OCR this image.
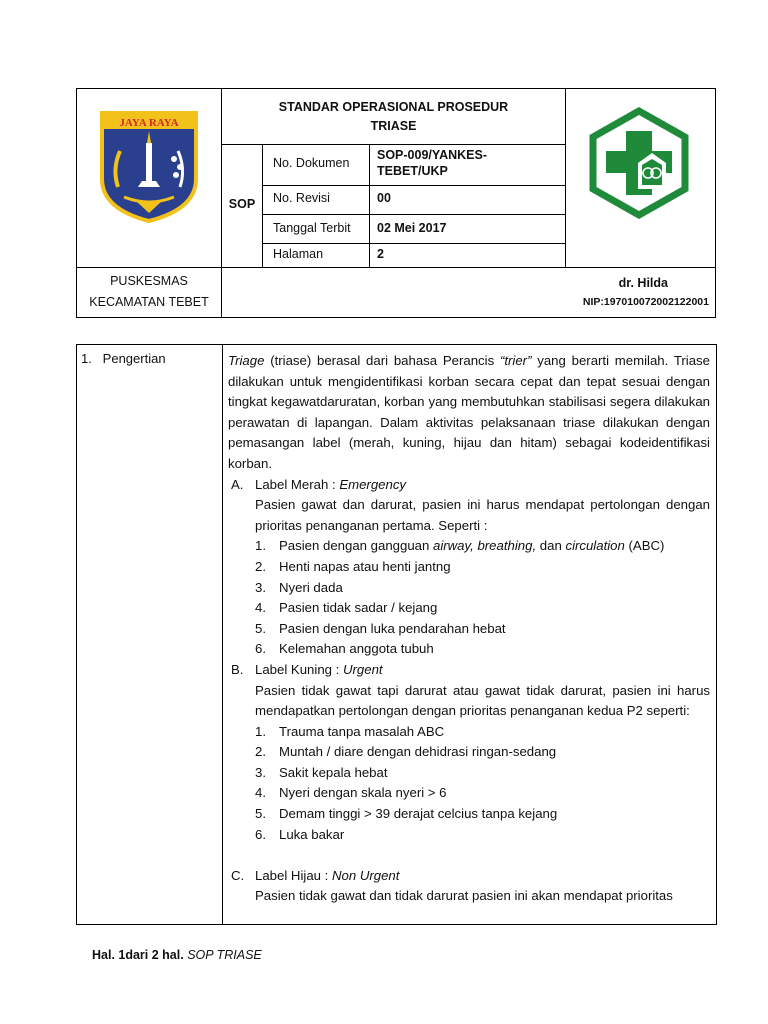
JAYA RAYA
STANDAR OPERASIONAL PROSEDUR
TRIASE
SOP
No. Dokumen
SOP-009/YANKES-TEBET/UKP
No. Revisi	00
Tanggal Terbit 02 Mei 2017
Halaman	2
PUSKESMAS
KECAMATAN TEBET
dr. Hilda
NIP:197010072002122001
1.   Pengertian	Triage (triase) berasal dari bahasa Perancis “trier” yang berarti memilah. Triase dilakukan untuk mengidentifikasi korban secara cepat dan tepat sesuai dengan tingkat kegawatdaruratan, korban yang membutuhkan stabilisasi segera dilakukan perawatan di lapangan. Dalam aktivitas pelaksanaan triase dilakukan dengan pemasangan label (merah, kuning, hijau dan hitam) sebagai kodeidentifikasi korban.

A. Label Merah : Emergency

Pasien gawat dan darurat, pasien ini harus mendapat pertolongan dengan prioritas penanganan pertama. Seperti :

1. Pasien dengan gangguan airway, breathing, dan circulation (ABC)
2. Henti napas atau henti jantng
3. Nyeri dada
4. Pasien tidak sadar / kejang
5. Pasien dengan luka pendarahan hebat
6. Kelemahan anggota tubuh

B. Label Kuning : Urgent

Pasien tidak gawat tapi darurat atau gawat tidak darurat, pasien ini harus mendapatkan pertolongan dengan prioritas penanganan kedua P2 seperti:

1. Trauma tanpa masalah ABC
2. Muntah / diare dengan dehidrasi ringan-sedang
3. Sakit kepala hebat
4. Nyeri dengan skala nyeri > 6
5. Demam tinggi > 39 derajat celcius tanpa kejang
6. Luka bakar

C. Label Hijau : Non Urgent

Pasien tidak gawat dan tidak darurat pasien ini akan mendapat prioritas

Hal. 1dari 2 hal. SOP TRIASE
